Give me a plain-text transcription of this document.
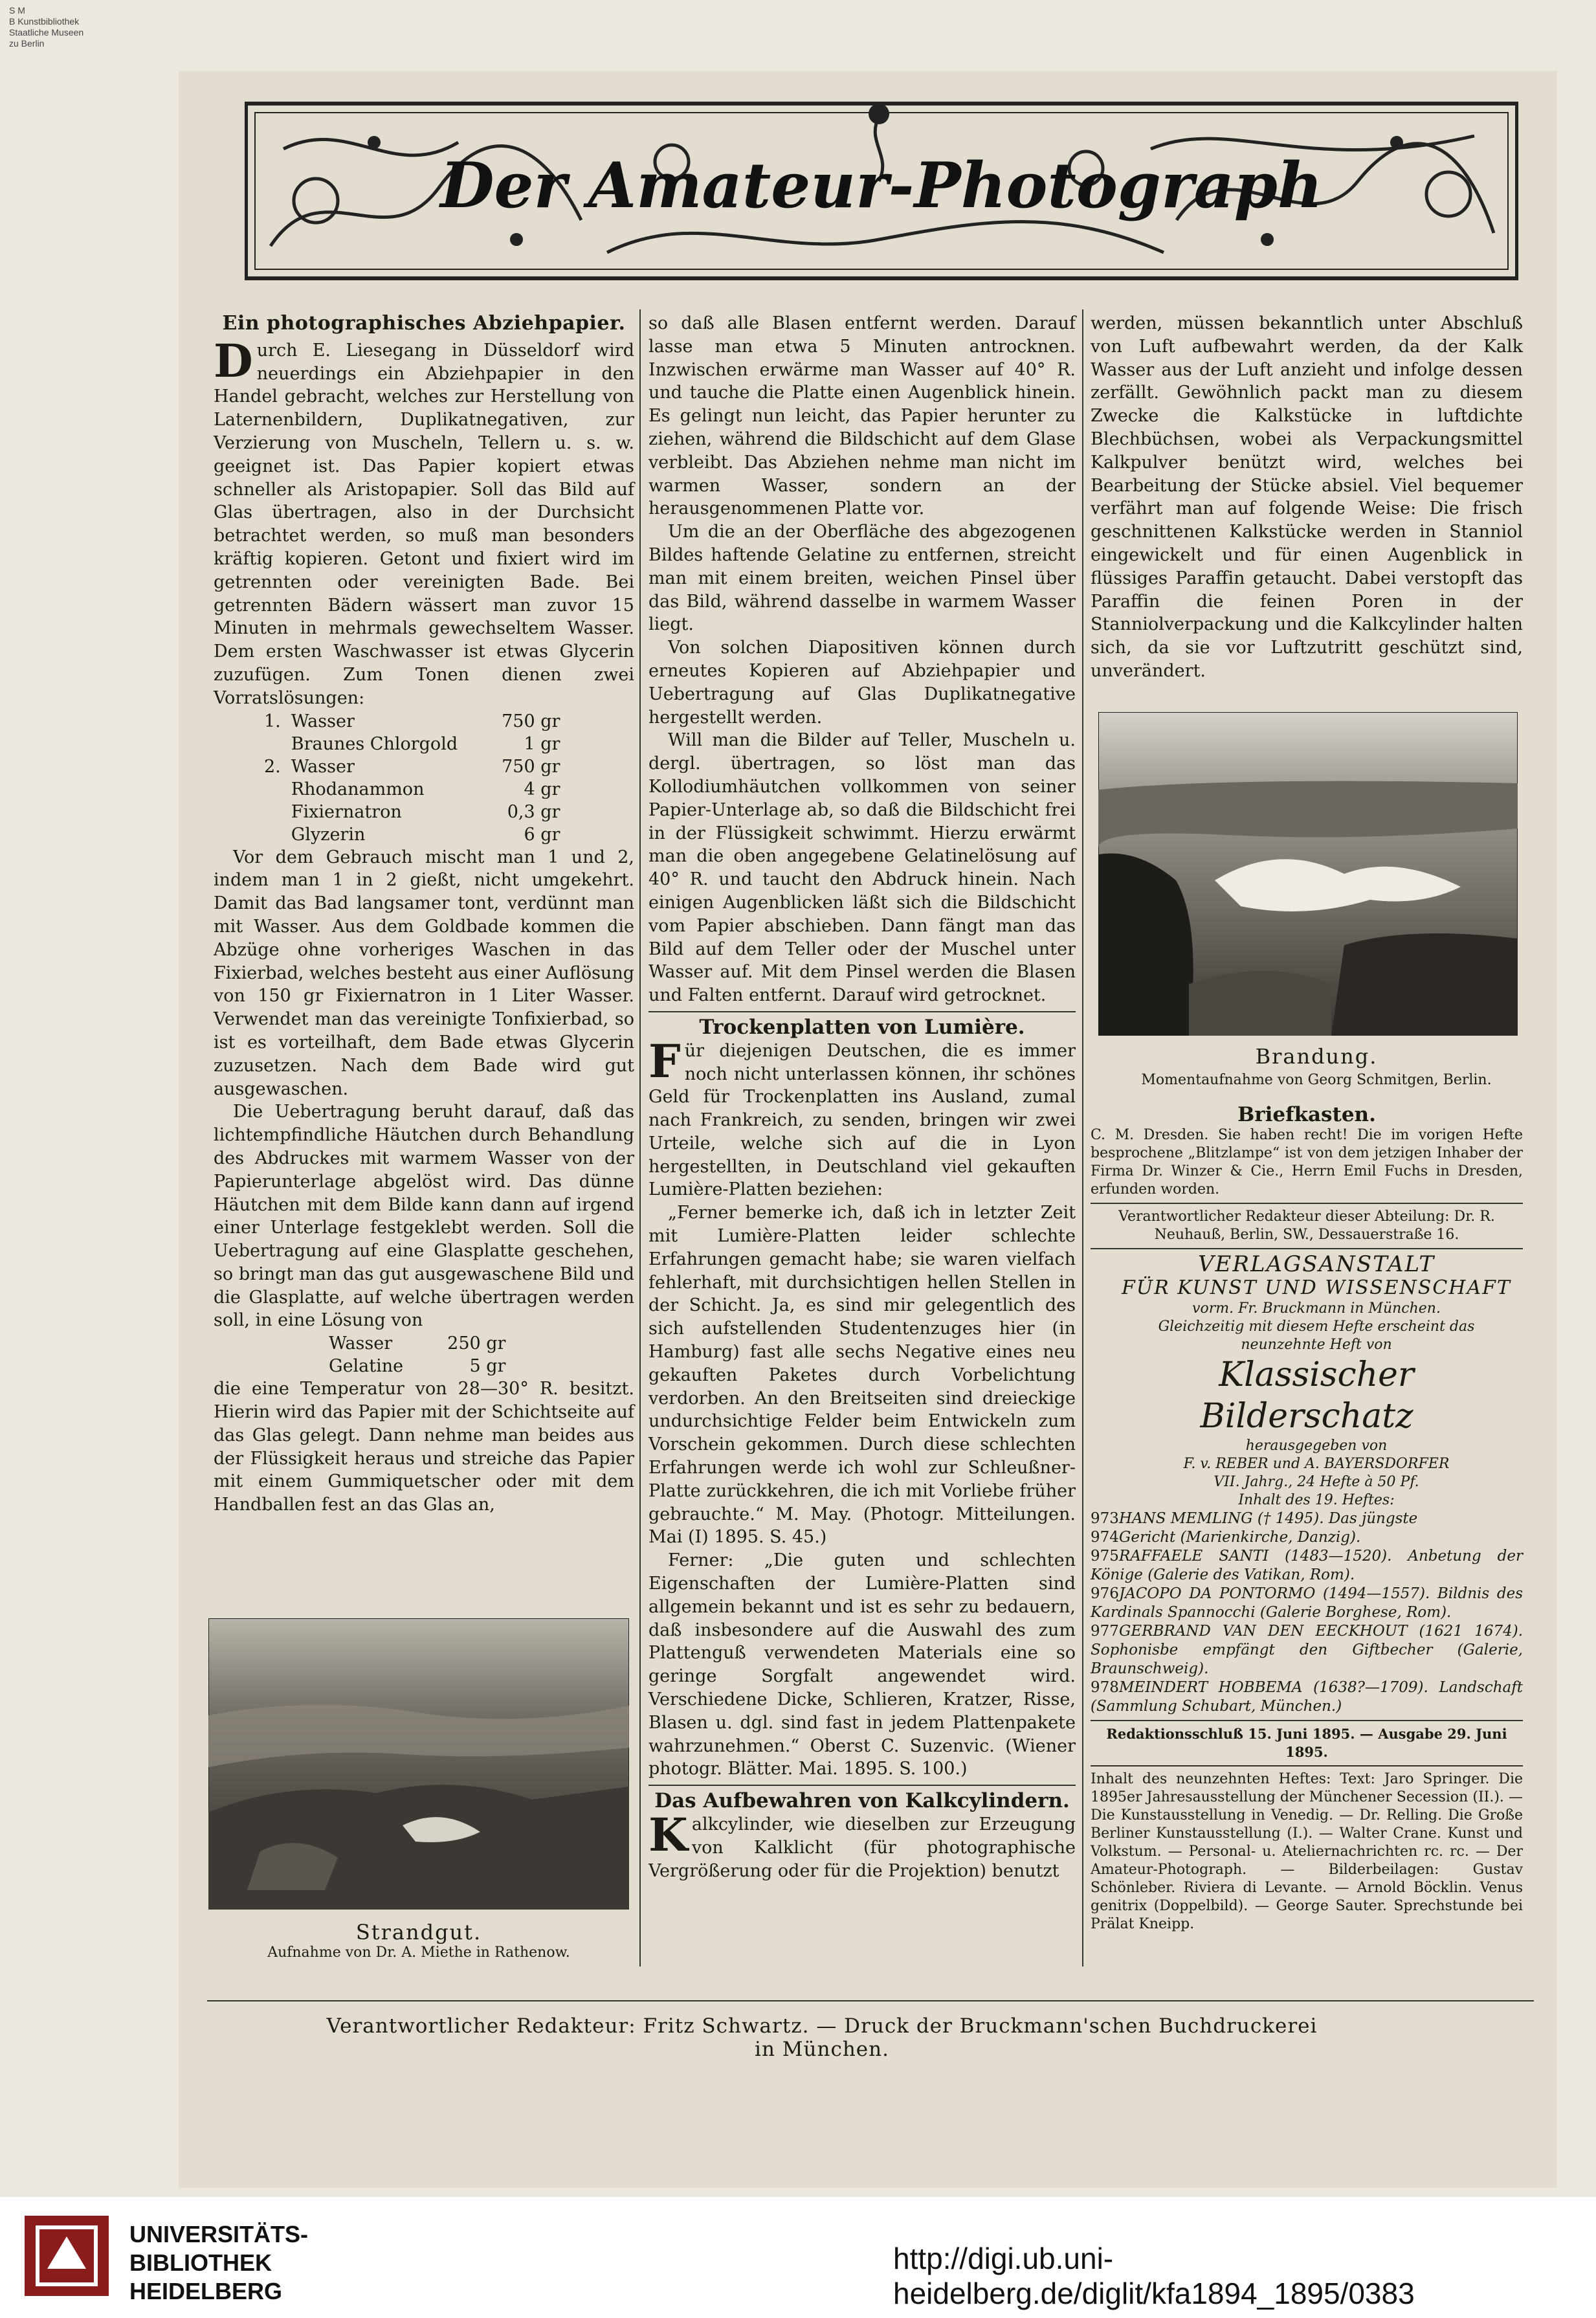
S M
B Kunstbibliothek
Staatliche Museen
zu Berlin
Der Amateur-Photograph
Ein photographisches Abziehpapier.

Durch E. Liesegang in Düsseldorf wird neuerdings ein Abziehpapier in den Handel gebracht, welches zur Herstellung von Laternenbildern, Duplikatnegativen, zur Verzierung von Muscheln, Tellern u. s. w. geeignet ist. Das Papier kopiert etwas schneller als Aristopapier. Soll das Bild auf Glas übertragen, also in der Durchsicht betrachtet werden, so muß man besonders kräftig kopieren. Getont und fixiert wird im getrennten oder vereinigten Bade. Bei getrennten Bädern wässert man zuvor 15 Minuten in mehrmals gewechseltem Wasser. Dem ersten Waschwasser ist etwas Glycerin zuzufügen. Zum Tonen dienen zwei Vorratslösungen:

1.	Wasser	750 gr
	Braunes Chlorgold	1 gr
2.	Wasser	750 gr
	Rhodanammon	4 gr
	Fixiernatron	0,3 gr
	Glyzerin	6 gr

Vor dem Gebrauch mischt man 1 und 2, indem man 1 in 2 gießt, nicht umgekehrt. Damit das Bad langsamer tont, verdünnt man mit Wasser. Aus dem Goldbade kommen die Abzüge ohne vorheriges Waschen in das Fixierbad, welches besteht aus einer Auflösung von 150 gr Fixiernatron in 1 Liter Wasser. Verwendet man das vereinigte Tonfixierbad, so ist es vorteilhaft, dem Bade etwas Glycerin zuzusetzen. Nach dem Bade wird gut ausgewaschen.

Die Uebertragung beruht darauf, daß das lichtempfindliche Häutchen durch Behandlung des Abdruckes mit warmem Wasser von der Papierunterlage abgelöst wird. Das dünne Häutchen mit dem Bilde kann dann auf irgend einer Unterlage festgeklebt werden. Soll die Uebertragung auf eine Glasplatte geschehen, so bringt man das gut ausgewaschene Bild und die Glasplatte, auf welche übertragen werden soll, in eine Lösung von

Wasser	250 gr
Gelatine	5 gr

die eine Temperatur von 28—30° R. besitzt. Hierin wird das Papier mit der Schichtseite auf das Glas gelegt. Dann nehme man beides aus der Flüssigkeit heraus und streiche das Papier mit einem Gummiquetscher oder mit dem Handballen fest an das Glas an,

Strandgut.

Aufnahme von Dr. A. Miethe in Rathenow.

so daß alle Blasen entfernt werden. Darauf lasse man etwa 5 Minuten antrocknen. Inzwischen erwärme man Wasser auf 40° R. und tauche die Platte einen Augenblick hinein. Es gelingt nun leicht, das Papier herunter zu ziehen, während die Bildschicht auf dem Glase verbleibt. Das Abziehen nehme man nicht im warmen Wasser, sondern an der herausgenommenen Platte vor.

Um die an der Oberfläche des abgezogenen Bildes haftende Gelatine zu entfernen, streicht man mit einem breiten, weichen Pinsel über das Bild, während dasselbe in warmem Wasser liegt.

Von solchen Diapositiven können durch erneutes Kopieren auf Abziehpapier und Uebertragung auf Glas Duplikatnegative hergestellt werden.

Will man die Bilder auf Teller, Muscheln u. dergl. übertragen, so löst man das Kollodiumhäutchen vollkommen von seiner Papier-Unterlage ab, so daß die Bildschicht frei in der Flüssigkeit schwimmt. Hierzu erwärmt man die oben angegebene Gelatinelösung auf 40° R. und taucht den Abdruck hinein. Nach einigen Augenblicken läßt sich die Bildschicht vom Papier abschieben. Dann fängt man das Bild auf dem Teller oder der Muschel unter Wasser auf. Mit dem Pinsel werden die Blasen und Falten entfernt. Darauf wird getrocknet.

Trockenplatten von Lumière.

Für diejenigen Deutschen, die es immer noch nicht unterlassen können, ihr schönes Geld für Trockenplatten ins Ausland, zumal nach Frankreich, zu senden, bringen wir zwei Urteile, welche sich auf die in Lyon hergestellten, in Deutschland viel gekauften Lumière-Platten beziehen:

„Ferner bemerke ich, daß ich in letzter Zeit mit Lumière-Platten leider schlechte Erfahrungen gemacht habe; sie waren vielfach fehlerhaft, mit durchsichtigen hellen Stellen in der Schicht. Ja, es sind mir gelegentlich des sich aufstellenden Studentenzuges hier (in Hamburg) fast alle sechs Negative eines neu gekauften Paketes durch Vorbelichtung verdorben. An den Breitseiten sind dreieckige undurchsichtige Felder beim Entwickeln zum Vorschein gekommen. Durch diese schlechten Erfahrungen werde ich wohl zur Schleußner-Platte zurückkehren, die ich mit Vorliebe früher gebrauchte.“ M. May. (Photogr. Mitteilungen. Mai (I) 1895. S. 45.)

Ferner: „Die guten und schlechten Eigenschaften der Lumière-Platten sind allgemein bekannt und ist es sehr zu bedauern, daß insbesondere auf die Auswahl des zum Plattenguß verwendeten Materials eine so geringe Sorgfalt angewendet wird. Verschiedene Dicke, Schlieren, Kratzer, Risse, Blasen u. dgl. sind fast in jedem Plattenpakete wahrzunehmen.“ Oberst C. Suzenvic. (Wiener photogr. Blätter. Mai. 1895. S. 100.)

Das Aufbewahren von Kalkcylindern.

Kalkcylinder, wie dieselben zur Erzeugung von Kalklicht (für photographische Vergrößerung oder für die Projektion) benutzt

werden, müssen bekanntlich unter Abschluß von Luft aufbewahrt werden, da der Kalk Wasser aus der Luft anzieht und infolge dessen zerfällt. Gewöhnlich packt man zu diesem Zwecke die Kalkstücke in luftdichte Blechbüchsen, wobei als Verpackungsmittel Kalkpulver benützt wird, welches bei Bearbeitung der Stücke absiel. Viel bequemer verfährt man auf folgende Weise: Die frisch geschnittenen Kalkstücke werden in Stanniol eingewickelt und für einen Augenblick in flüssiges Paraffin getaucht. Dabei verstopft das Paraffin die feinen Poren in der Stanniolverpackung und die Kalkcylinder halten sich, da sie vor Luftzutritt geschützt sind, unverändert.

Brandung.

Momentaufnahme von Georg Schmitgen, Berlin.

Briefkasten.

C. M. Dresden. Sie haben recht! Die im vorigen Hefte besprochene „Blitzlampe“ ist von dem jetzigen Inhaber der Firma Dr. Winzer & Cie., Herrn Emil Fuchs in Dresden, erfunden worden.

Verantwortlicher Redakteur dieser Abteilung: Dr. R. Neuhauß, Berlin, SW., Dessauerstraße 16.

VERLAGSANSTALT

FÜR KUNST UND WISSENSCHAFT

vorm. Fr. Bruckmann in München.

Gleichzeitig mit diesem Hefte erscheint das

neunzehnte Heft von

Klassischer Bilderschatz

herausgegeben von

F. v. REBER und A. BAYERSDORFER

VII. Jahrg., 24 Hefte à 50 Pf.

Inhalt des 19. Heftes:

973HANS MEMLING († 1495). Das jüngste
974Gericht (Marienkirche, Danzig).
975RAFFAELE SANTI (1483—1520). Anbetung der Könige (Galerie des Vatikan, Rom).
976JACOPO DA PONTORMO (1494—1557). Bildnis des Kardinals Spannocchi (Galerie Borghese, Rom).
977GERBRAND VAN DEN EECKHOUT (1621 1674). Sophonisbe empfängt den Giftbecher (Galerie, Braunschweig).
978MEINDERT HOBBEMA (1638?—1709). Landschaft (Sammlung Schubart, München.)

Redaktionsschluß 15. Juni 1895. — Ausgabe 29. Juni 1895.

Inhalt des neunzehnten Heftes: Text: Jaro Springer. Die 1895er Jahresausstellung der Münchener Secession (II.). — Die Kunstausstellung in Venedig. — Dr. Relling. Die Große Berliner Kunstausstellung (I.). — Walter Crane. Kunst und Volkstum. — Personal- u. Ateliernachrichten rc. rc. — Der Amateur-Photograph. — Bilderbeilagen: Gustav Schönleber. Riviera di Levante. — Arnold Böcklin. Venus genitrix (Doppelbild). — George Sauter. Sprechstunde bei Prälat Kneipp.

Verantwortlicher Redakteur: Fritz Schwartz. — Druck der Bruckmann'schen Buchdruckerei in München.
UNIVERSITÄTS-
BIBLIOTHEK
HEIDELBERG
http://digi.ub.uni-heidelberg.de/diglit/kfa1894_1895/0383
